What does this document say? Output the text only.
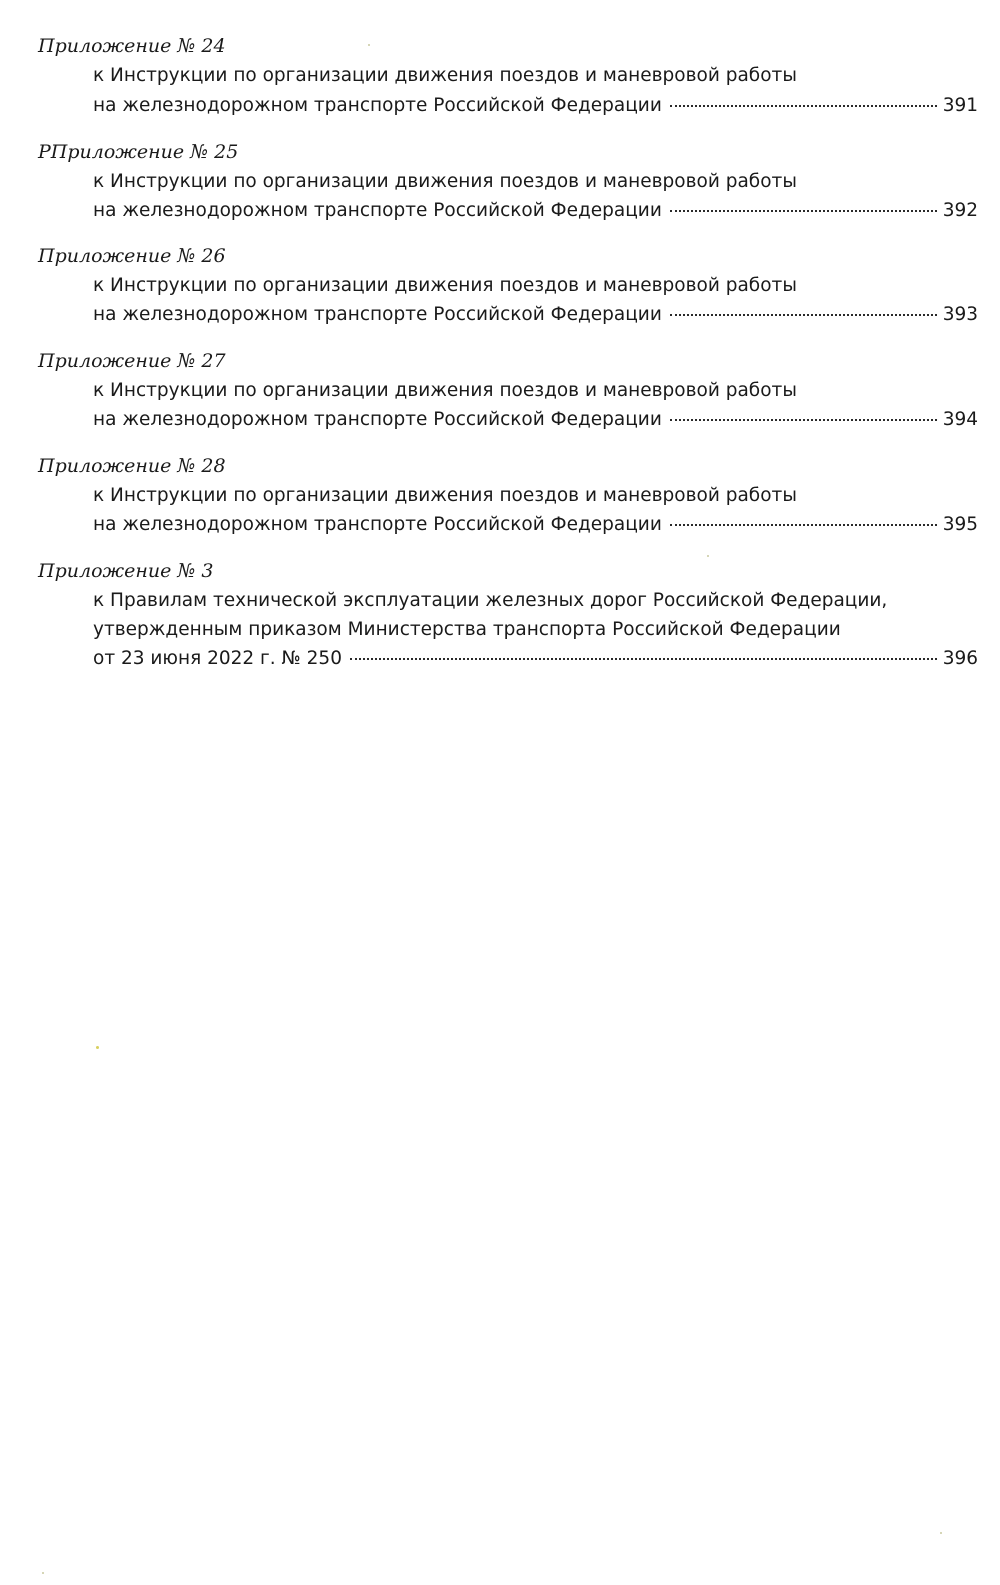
Приложение № 24
к Инструкции по организации движения поездов и маневровой работы
на железнодорожном транспорте Российской Федерации	391
РПриложение № 25
к Инструкции по организации движения поездов и маневровой работы
на железнодорожном транспорте Российской Федерации	392
Приложение № 26
к Инструкции по организации движения поездов и маневровой работы
на железнодорожном транспорте Российской Федерации	393
Приложение № 27
к Инструкции по организации движения поездов и маневровой работы
на железнодорожном транспорте Российской Федерации	394
Приложение № 28
к Инструкции по организации движения поездов и маневровой работы
на железнодорожном транспорте Российской Федерации	395
Приложение № 3
к Правилам технической эксплуатации железных дорог Российской Федерации,
утвержденным приказом Министерства транспорта Российской Федерации
от 23 июня 2022 г. № 250	396
